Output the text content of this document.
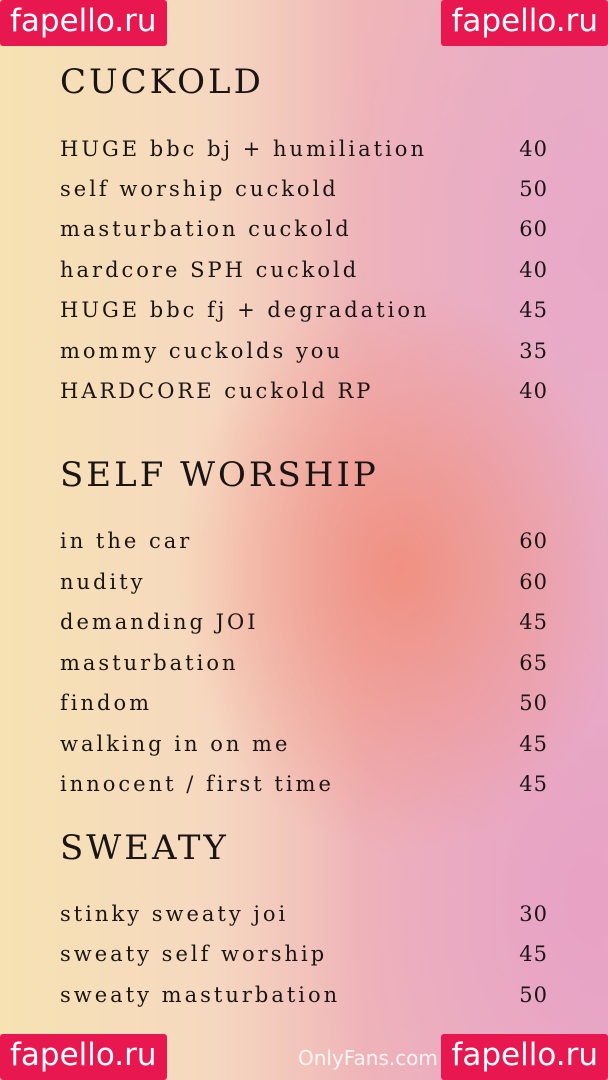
fapello.ru	fapello.ru
CUCKOLD
HUGE bbc bj + humiliation	40
self worship cuckold	50
masturbation cuckold	60
hardcore SPH cuckold	40
HUGE bbc fj + degradation	45
mommy cuckolds you	35
HARDCORE cuckold RP	40
SELF WORSHIP
in the car	60
nudity	60
demanding JOI	45
masturbation	65
findom	50
walking in on me	45
innocent / first time	45
SWEATY
stinky sweaty joi	30
sweaty self worship	45
sweaty masturbation	50
OnlyFans.com
fapello.ru	fapello.ru
